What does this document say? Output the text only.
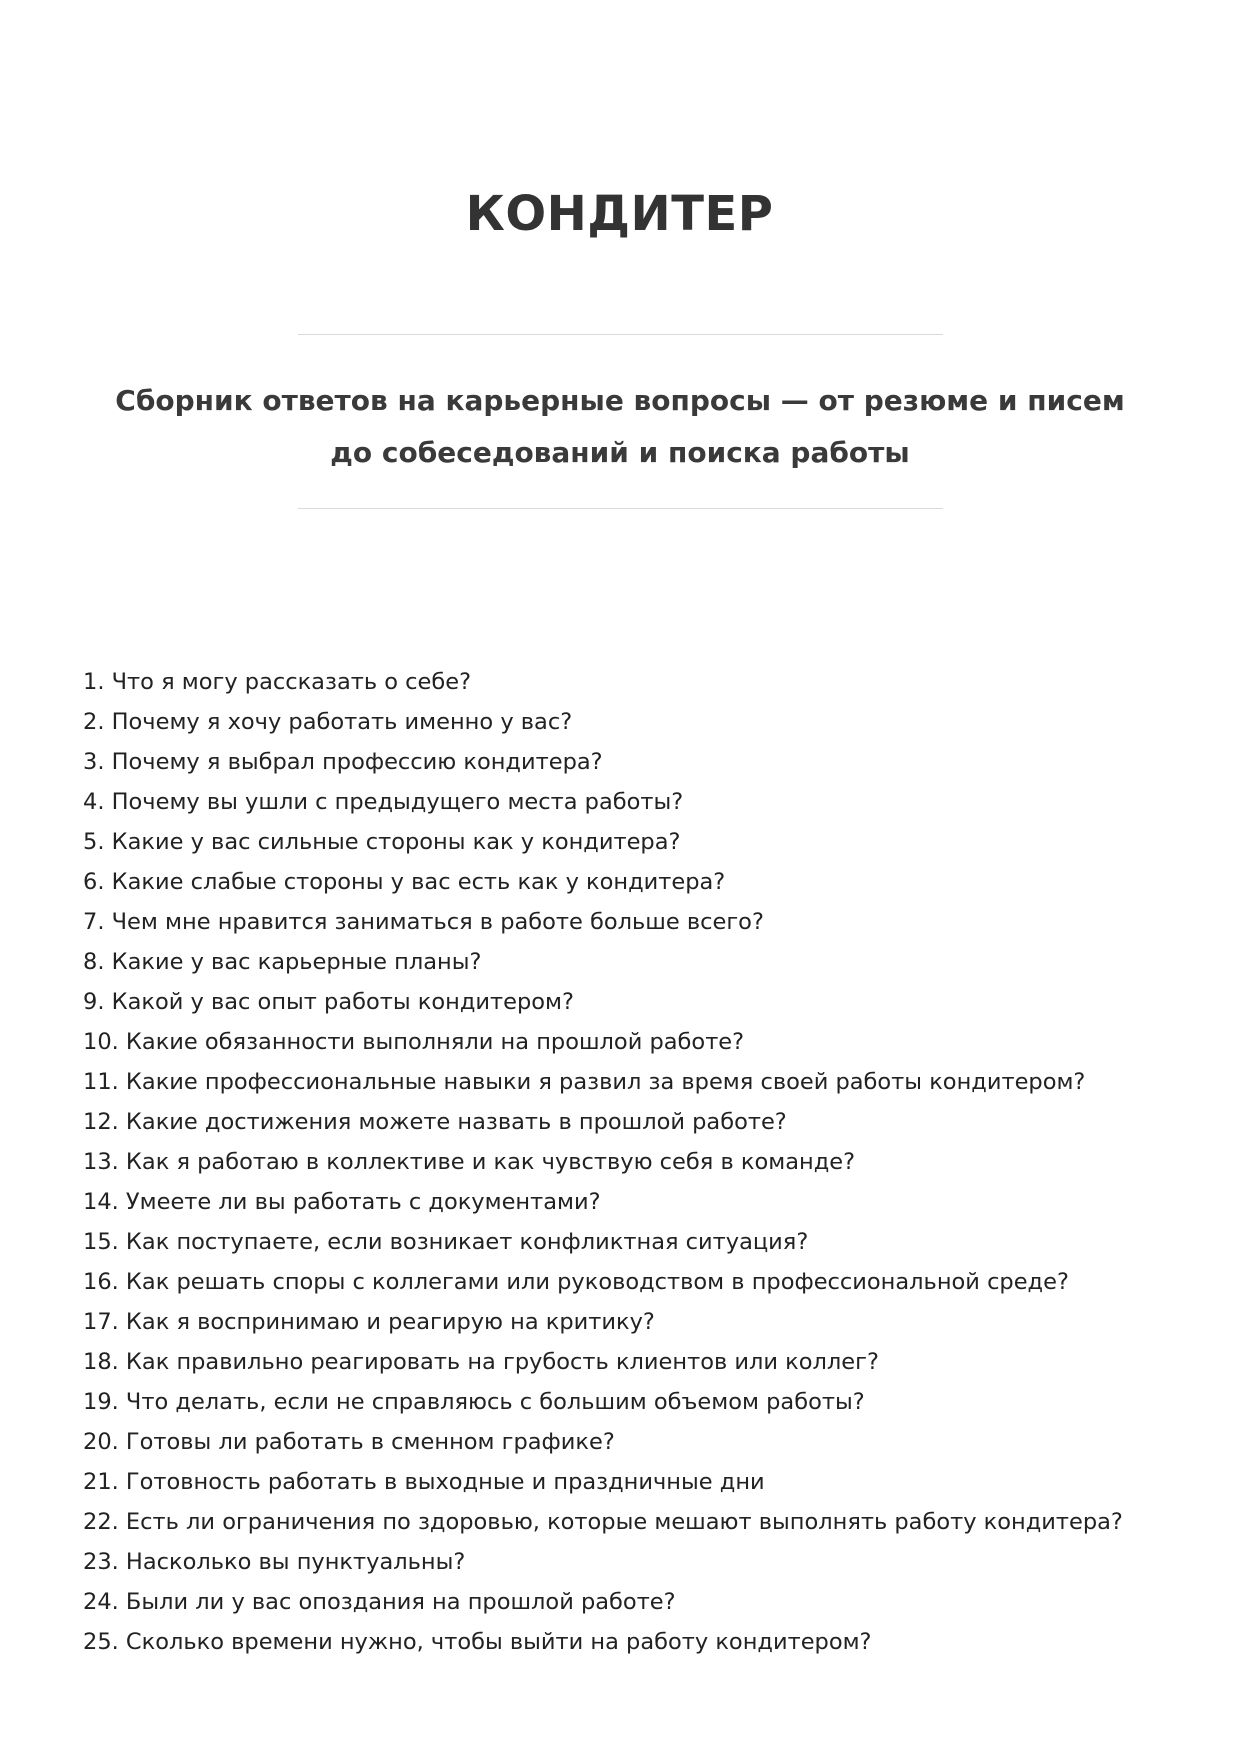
КОНДИТЕР

Сборник ответов на карьерные вопросы — от резюме и писем до собеседований и поиска работы

1. Что я могу рассказать о себе?
2. Почему я хочу работать именно у вас?
3. Почему я выбрал профессию кондитера?
4. Почему вы ушли с предыдущего места работы?
5. Какие у вас сильные стороны как у кондитера?
6. Какие слабые стороны у вас есть как у кондитера?
7. Чем мне нравится заниматься в работе больше всего?
8. Какие у вас карьерные планы?
9. Какой у вас опыт работы кондитером?
10. Какие обязанности выполняли на прошлой работе?
11. Какие профессиональные навыки я развил за время своей работы кондитером?
12. Какие достижения можете назвать в прошлой работе?
13. Как я работаю в коллективе и как чувствую себя в команде?
14. Умеете ли вы работать с документами?
15. Как поступаете, если возникает конфликтная ситуация?
16. Как решать споры с коллегами или руководством в профессиональной среде?
17. Как я воспринимаю и реагирую на критику?
18. Как правильно реагировать на грубость клиентов или коллег?
19. Что делать, если не справляюсь с большим объемом работы?
20. Готовы ли работать в сменном графике?
21. Готовность работать в выходные и праздничные дни
22. Есть ли ограничения по здоровью, которые мешают выполнять работу кондитера?
23. Насколько вы пунктуальны?
24. Были ли у вас опоздания на прошлой работе?
25. Сколько времени нужно, чтобы выйти на работу кондитером?
